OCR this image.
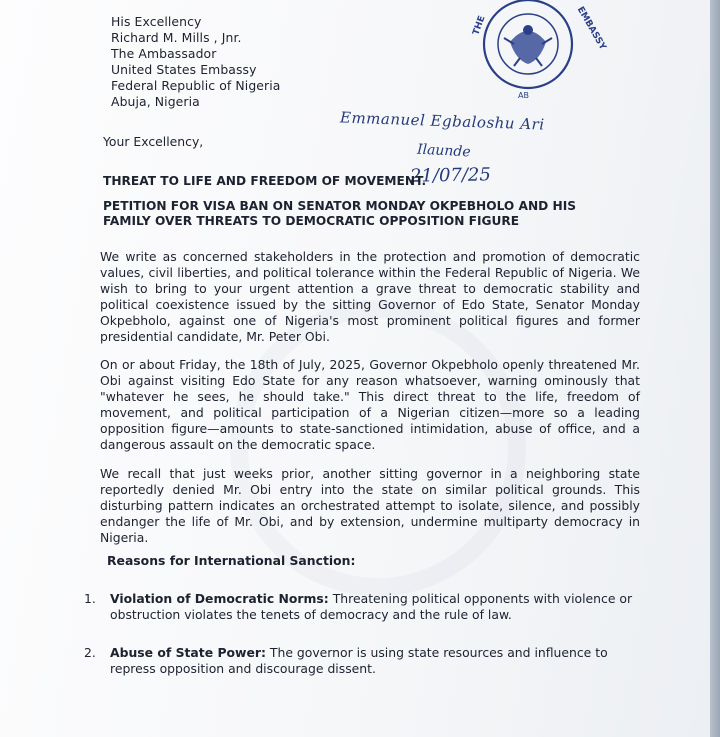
His Excellency
Richard M. Mills , Jnr.
The Ambassador
United States Embassy
Federal Republic of Nigeria
Abuja, Nigeria
THE	EMBASSY
AB
Emmanuel Egbaloshu Ari
Ilaunde
21/07/25
Your Excellency,
THREAT TO LIFE AND FREEDOM OF MOVEMENT.
PETITION FOR VISA BAN ON SENATOR MONDAY OKPEBHOLO AND HIS FAMILY OVER THREATS TO DEMOCRATIC OPPOSITION FIGURE
We write as concerned stakeholders in the protection and promotion of democratic values, civil liberties, and political tolerance within the Federal Republic of Nigeria. We wish to bring to your urgent attention a grave threat to democratic stability and political coexistence issued by the sitting Governor of Edo State, Senator Monday Okpebholo, against one of Nigeria's most prominent political figures and former presidential candidate, Mr. Peter Obi.
On or about Friday, the 18th of July, 2025, Governor Okpebholo openly threatened Mr. Obi against visiting Edo State for any reason whatsoever, warning ominously that "whatever he sees, he should take." This direct threat to the life, freedom of movement, and political participation of a Nigerian citizen—more so a leading opposition figure—amounts to state-sanctioned intimidation, abuse of office, and a dangerous assault on the democratic space.
We recall that just weeks prior, another sitting governor in a neighboring state reportedly denied Mr. Obi entry into the state on similar political grounds. This disturbing pattern indicates an orchestrated attempt to isolate, silence, and possibly endanger the life of Mr. Obi, and by extension, undermine multiparty democracy in Nigeria.
Reasons for International Sanction:
1. Violation of Democratic Norms: Threatening political opponents with violence or obstruction violates the tenets of democracy and the rule of law.
2. Abuse of State Power: The governor is using state resources and influence to repress opposition and discourage dissent.
